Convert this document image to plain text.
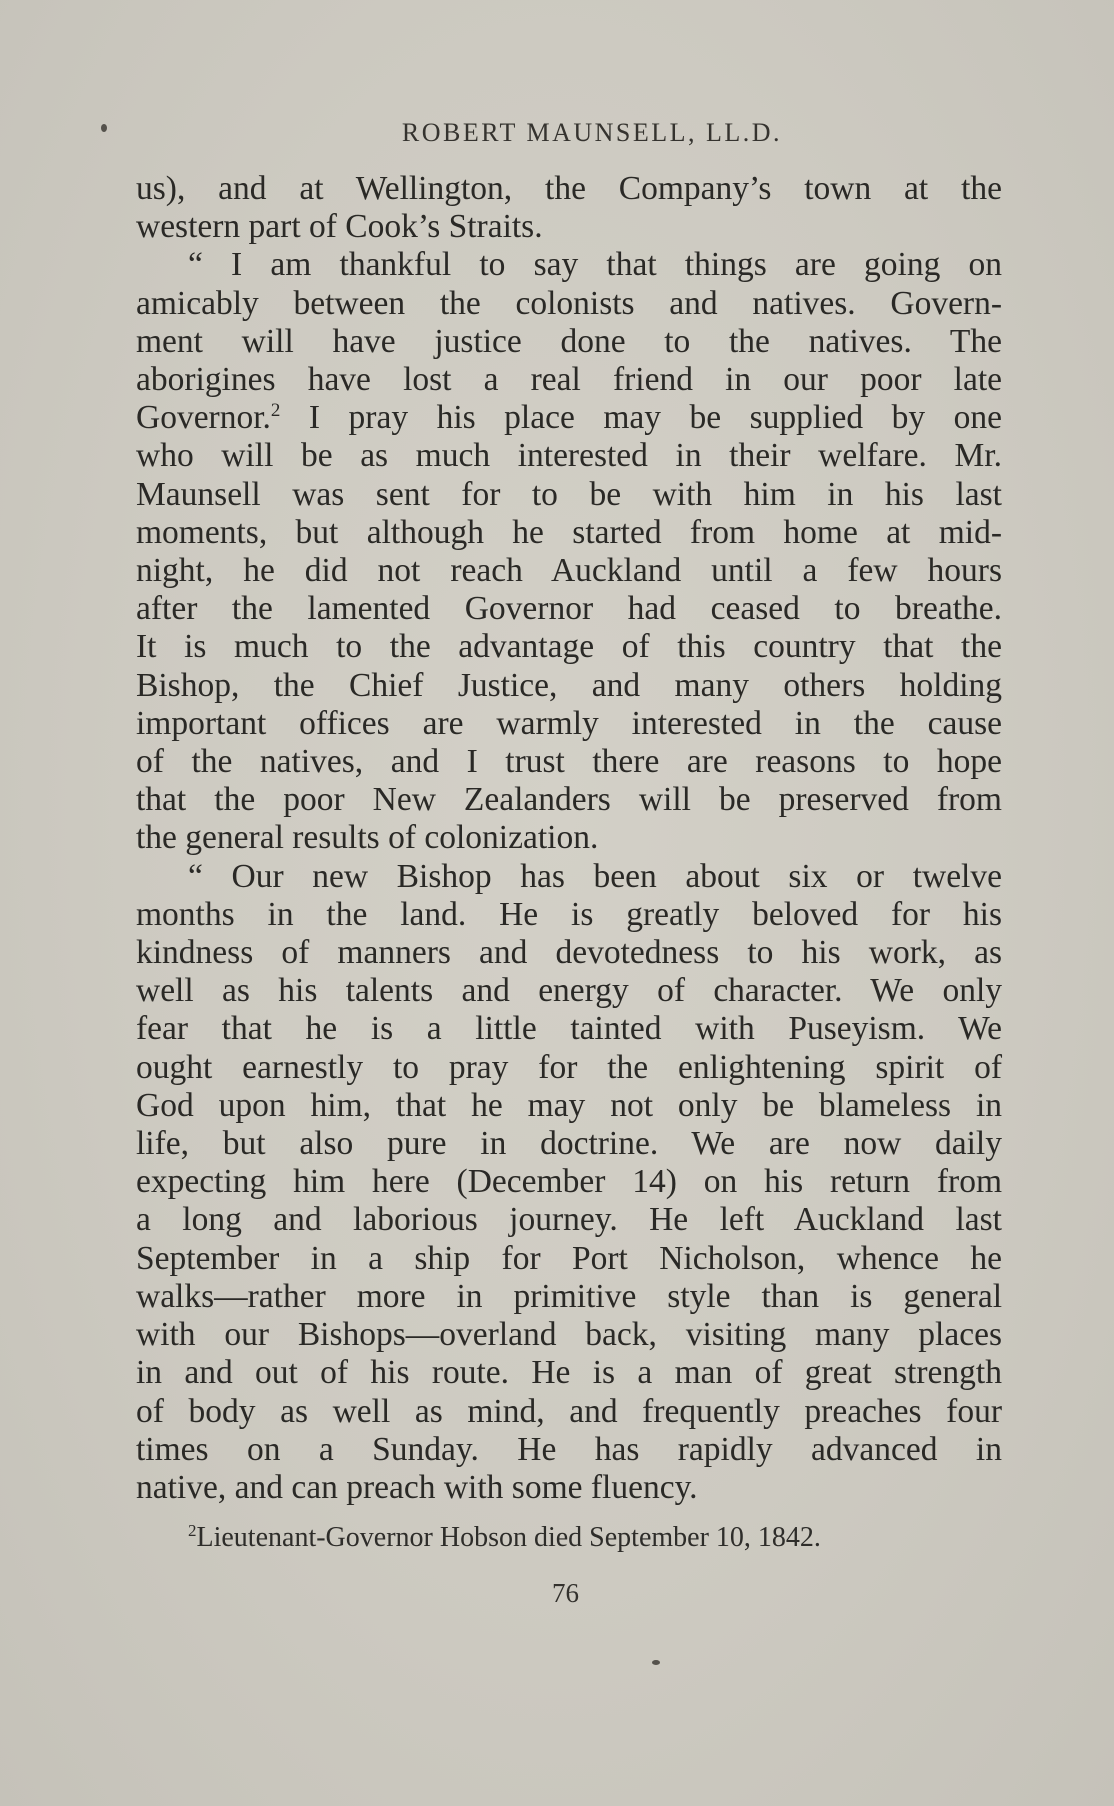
ROBERT MAUNSELL, LL.D.
us), and at Wellington, the Company’s town at the
western part of Cook’s Straits.
“ I am thankful to say that things are going on
amicably between the colonists and natives. Govern-
ment will have justice done to the natives. The
aborigines have lost a real friend in our poor late
Governor.$^2$ I pray his place may be supplied by one
who will be as much interested in their welfare. Mr.
Maunsell was sent for to be with him in his last
moments, but although he started from home at mid-
night, he did not reach Auckland until a few hours
after the lamented Governor had ceased to breathe.
It is much to the advantage of this country that the
Bishop, the Chief Justice, and many others holding
important offices are warmly interested in the cause
of the natives, and I trust there are reasons to hope
that the poor New Zealanders will be preserved from
the general results of colonization.
“ Our new Bishop has been about six or twelve
months in the land. He is greatly beloved for his
kindness of manners and devotedness to his work, as
well as his talents and energy of character. We only
fear that he is a little tainted with Puseyism. We
ought earnestly to pray for the enlightening spirit of
God upon him, that he may not only be blameless in
life, but also pure in doctrine. We are now daily
expecting him here (December 14) on his return from
a long and laborious journey. He left Auckland last
September in a ship for Port Nicholson, whence he
walks—rather more in primitive style than is general
with our Bishops—overland back, visiting many places
in and out of his route. He is a man of great strength
of body as well as mind, and frequently preaches four
times on a Sunday. He has rapidly advanced in
native, and can preach with some fluency.
$^2$Lieutenant-Governor Hobson died September 10, 1842.
76
